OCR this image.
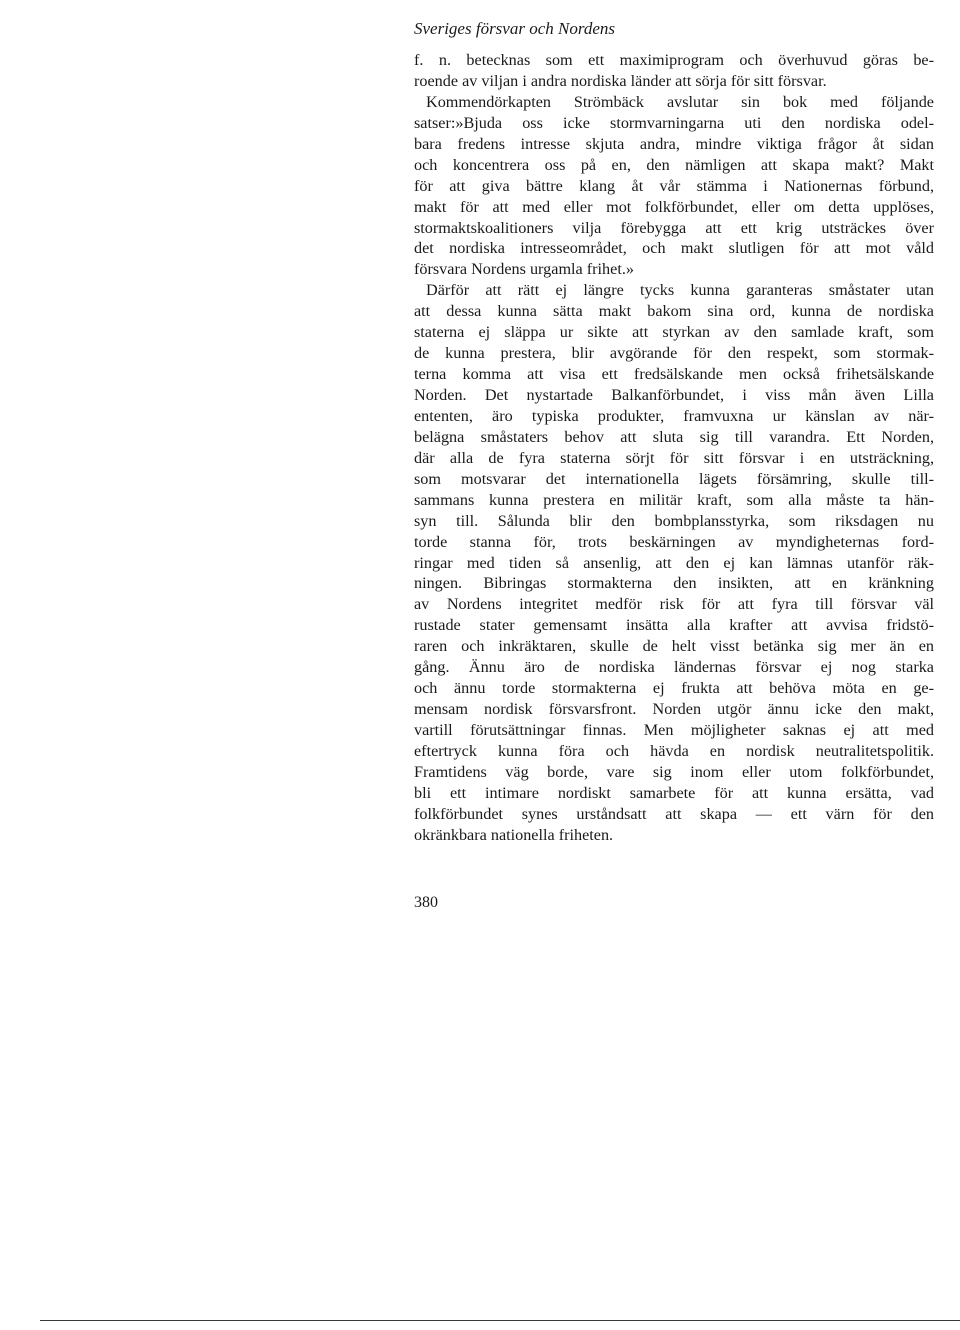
Sveriges försvar och Nordens
f. n. betecknas som ett maximiprogram och överhuvud göras be-
roende av viljan i andra nordiska länder att sörja för sitt försvar.
Kommendörkapten Strömbäck avslutar sin bok med följande
satser:»Bjuda oss icke stormvarningarna uti den nordiska odel-
bara fredens intresse skjuta andra, mindre viktiga frågor åt sidan
och koncentrera oss på en, den nämligen att skapa makt? Makt
för att giva bättre klang åt vår stämma i Nationernas förbund,
makt för att med eller mot folkförbundet, eller om detta upplöses,
stormaktskoalitioners vilja förebygga att ett krig utsträckes över
det nordiska intresseområdet, och makt slutligen för att mot våld
försvara Nordens urgamla frihet.»
Därför att rätt ej längre tycks kunna garanteras småstater utan
att dessa kunna sätta makt bakom sina ord, kunna de nordiska
staterna ej släppa ur sikte att styrkan av den samlade kraft, som
de kunna prestera, blir avgörande för den respekt, som stormak-
terna komma att visa ett fredsälskande men också frihetsälskande
Norden. Det nystartade Balkanförbundet, i viss mån även Lilla
ententen, äro typiska produkter, framvuxna ur känslan av när-
belägna småstaters behov att sluta sig till varandra. Ett Norden,
där alla de fyra staterna sörjt för sitt försvar i en utsträckning,
som motsvarar det internationella lägets försämring, skulle till-
sammans kunna prestera en militär kraft, som alla måste ta hän-
syn till. Sålunda blir den bombplansstyrka, som riksdagen nu
torde stanna för, trots beskärningen av myndigheternas ford-
ringar med tiden så ansenlig, att den ej kan lämnas utanför räk-
ningen. Bibringas stormakterna den insikten, att en kränkning
av Nordens integritet medför risk för att fyra till försvar väl
rustade stater gemensamt insätta alla krafter att avvisa fridstö-
raren och inkräktaren, skulle de helt visst betänka sig mer än en
gång. Ännu äro de nordiska ländernas försvar ej nog starka
och ännu torde stormakterna ej frukta att behöva möta en ge-
mensam nordisk försvarsfront. Norden utgör ännu icke den makt,
vartill förutsättningar finnas. Men möjligheter saknas ej att med
eftertryck kunna föra och hävda en nordisk neutralitetspolitik.
Framtidens väg borde, vare sig inom eller utom folkförbundet,
bli ett intimare nordiskt samarbete för att kunna ersätta, vad
folkförbundet synes urståndsatt att skapa — ett värn för den
okränkbara nationella friheten.
380
